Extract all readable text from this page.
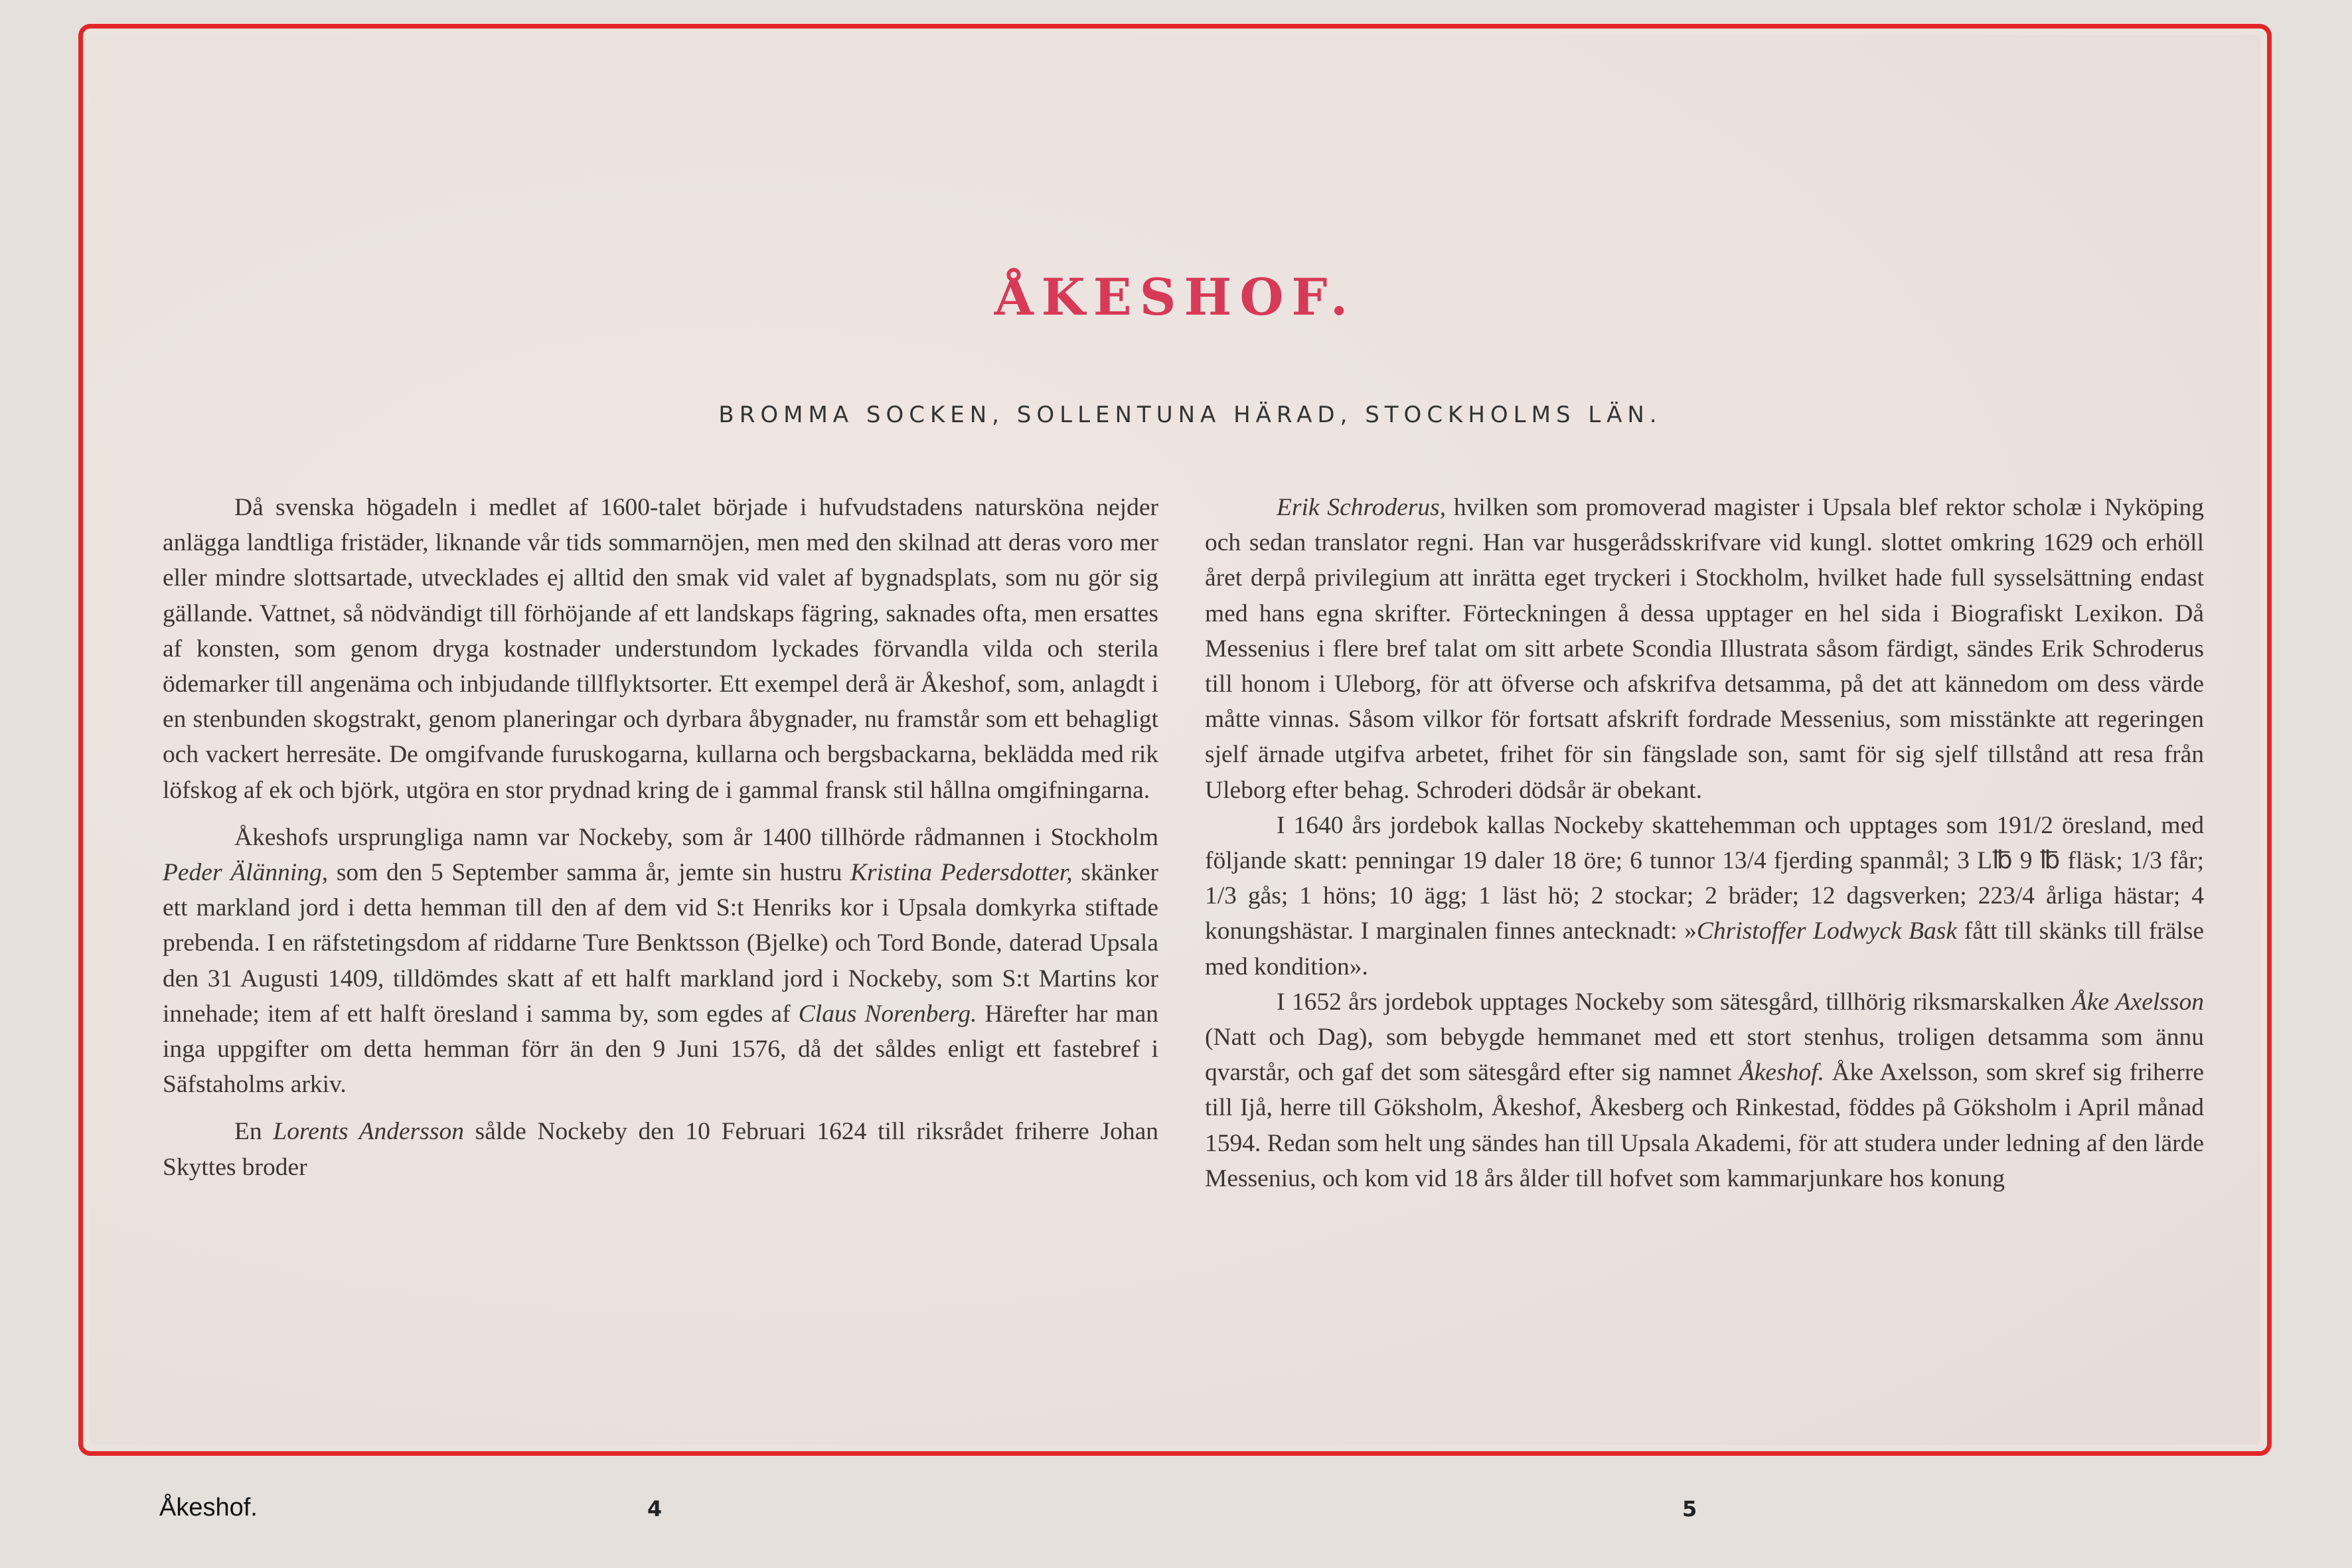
ÅKESHOF.
BROMMA SOCKEN, SOLLENTUNA HÄRAD, STOCKHOLMS LÄN.

Då svenska högadeln i medlet af 1600-talet började i hufvudstadens natursköna nejder anlägga landtliga fristäder, liknande vår tids sommarnöjen, men med den skilnad att deras voro mer eller mindre slottsartade, utvecklades ej alltid den smak vid valet af bygnadsplats, som nu gör sig gällande. Vattnet, så nödvändigt till förhöjande af ett landskaps fägring, saknades ofta, men ersattes af konsten, som genom dryga kostnader understundom lyckades förvandla vilda och sterila ödemarker till angenäma och inbjudande tillflyktsorter. Ett exempel derå är Åkeshof, som, anlagdt i en stenbunden skogstrakt, genom planeringar och dyrbara åbygnader, nu framstår som ett behagligt och vackert herresäte. De omgifvande furuskogarna, kullarna och bergsbackarna, beklädda med rik löfskog af ek och björk, utgöra en stor prydnad kring de i gammal fransk stil hållna omgifningarna.

Åkeshofs ursprungliga namn var Nockeby, som år 1400 tillhörde rådmannen i Stockholm Peder Älänning, som den 5 September samma år, jemte sin hustru Kristina Pedersdotter, skänker ett markland jord i detta hemman till den af dem vid S:t Henriks kor i Upsala domkyrka stiftade prebenda. I en räfstetingsdom af riddarne Ture Benktsson (Bjelke) och Tord Bonde, daterad Upsala den 31 Augusti 1409, tilldömdes skatt af ett halft markland jord i Nockeby, som S:t Martins kor innehade; item af ett halft öresland i samma by, som egdes af Claus Norenberg. Härefter har man inga uppgifter om detta hemman förr än den 9 Juni 1576, då det såldes enligt ett fastebref i Säfstaholms arkiv.

En Lorents Andersson sålde Nockeby den 10 Februari 1624 till riksrådet friherre Johan Skyttes broder

Erik Schroderus, hvilken som promoverad magister i Upsala blef rektor scholæ i Nyköping och sedan translator regni. Han var husgerådsskrifvare vid kungl. slottet omkring 1629 och erhöll året derpå privilegium att inrätta eget tryckeri i Stockholm, hvilket hade full sysselsättning endast med hans egna skrifter. Förteckningen å dessa upptager en hel sida i Biografiskt Lexikon. Då Messenius i flere bref talat om sitt arbete Scondia Illustrata såsom färdigt, sändes Erik Schroderus till honom i Uleborg, för att öfverse och afskrifva detsamma, på det att kännedom om dess värde måtte vinnas. Såsom vilkor för fortsatt afskrift fordrade Messenius, som misstänkte att regeringen sjelf ärnade utgifva arbetet, frihet för sin fängslade son, samt för sig sjelf tillstånd att resa från Uleborg efter behag. Schroderi dödsår är obekant.

I 1640 års jordebok kallas Nockeby skattehemman och upptages som 191/2 öresland, med följande skatt: penningar 19 daler 18 öre; 6 tunnor 13/4 fjerding spanmål; 3 L℔ 9 ℔ fläsk; 1/3 får; 1/3 gås; 1 höns; 10 ägg; 1 läst hö; 2 stockar; 2 bräder; 12 dagsverken; 223/4 årliga hästar; 4 konungshästar. I marginalen finnes antecknadt: »Christoffer Lodwyck Bask fått till skänks till frälse med kondition».

I 1652 års jordebok upptages Nockeby som sätesgård, tillhörig riksmarskalken Åke Axelsson (Natt och Dag), som bebygde hemmanet med ett stort stenhus, troligen detsamma som ännu qvarstår, och gaf det som sätesgård efter sig namnet Åkeshof. Åke Axelsson, som skref sig friherre till Ijå, herre till Göksholm, Åkeshof, Åkesberg och Rinkestad, föddes på Göksholm i April månad 1594. Redan som helt ung sändes han till Upsala Akademi, för att studera under ledning af den lärde Messenius, och kom vid 18 års ålder till hofvet som kammarjunkare hos konung

Åkeshof.	4	5
